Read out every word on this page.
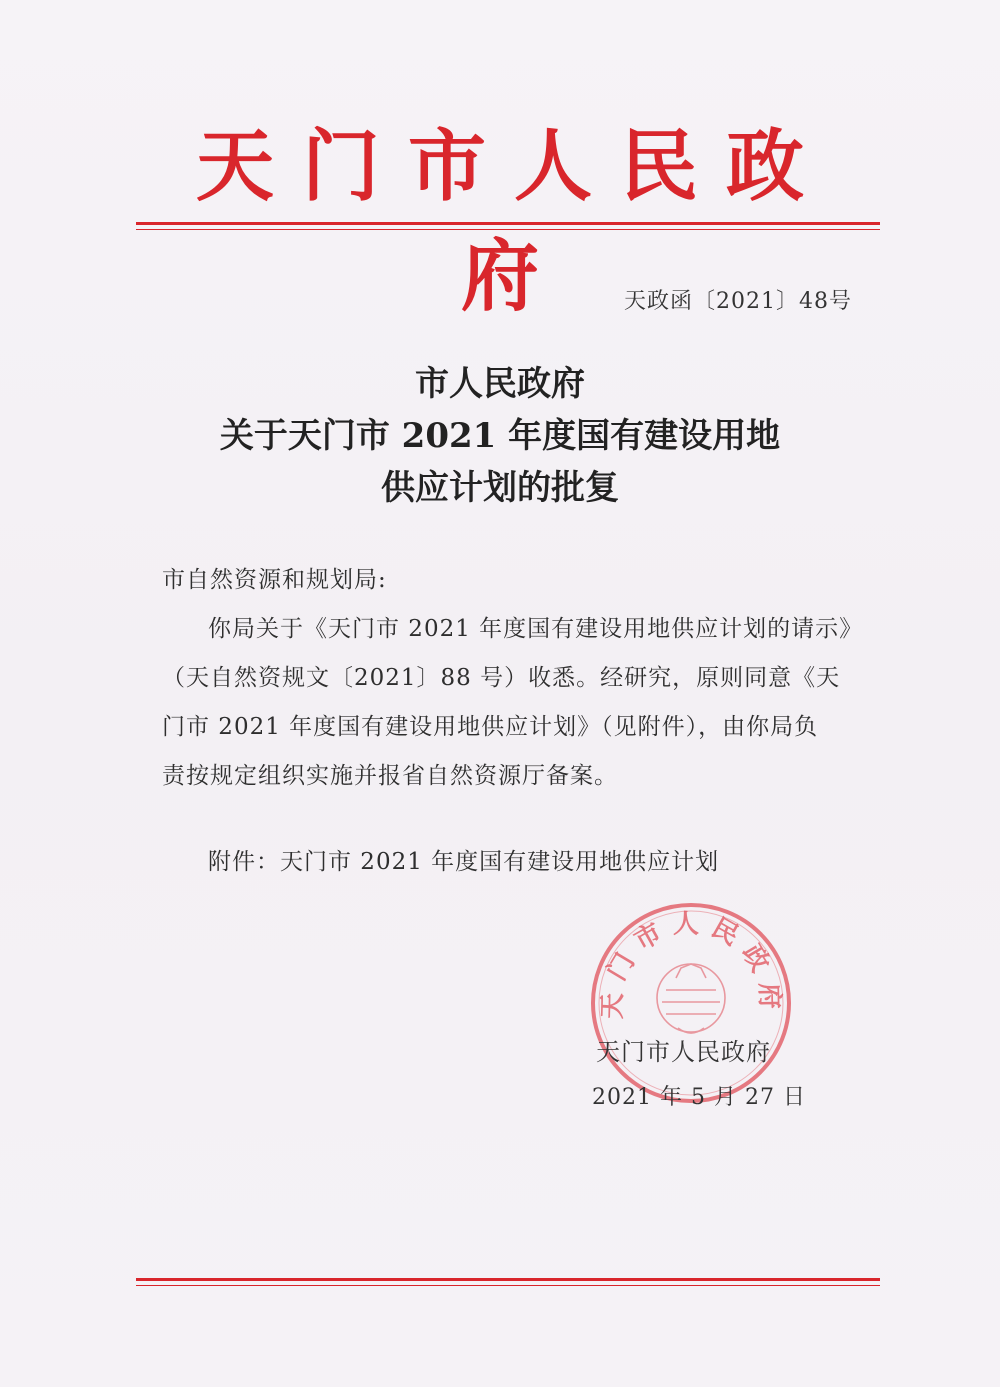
天门市人民政府	天政函〔2021〕48号
市人民政府
关于天门市 2021 年度国有建设用地
供应计划的批复
市自然资源和规划局:
你局关于《天门市 2021 年度国有建设用地供应计划的请示》
（天自然资规文〔2021〕88 号）收悉。经研究，原则同意《天
门市 2021 年度国有建设用地供应计划》（见附件），由你局负
责按规定组织实施并报省自然资源厅备案。
附件：天门市 2021 年度国有建设用地供应计划
天门市人民政府
天门市人民政府
2021 年 5 月 27 日
